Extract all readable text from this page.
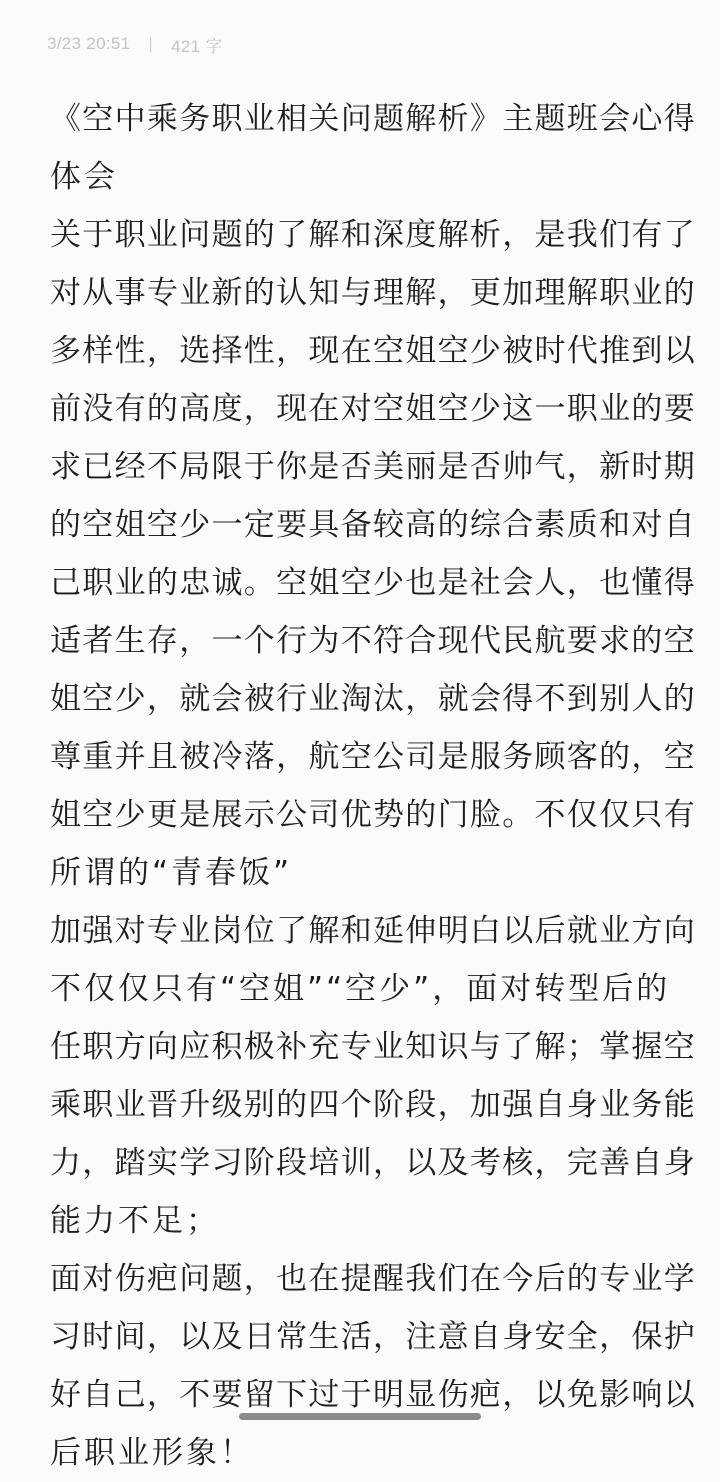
3/23 20:51 | 421 字
《空中乘务职业相关问题解析》主题班会心得
体会
关于职业问题的了解和深度解析，是我们有了
对从事专业新的认知与理解，更加理解职业的
多样性，选择性，现在空姐空少被时代推到以
前没有的高度，现在对空姐空少这一职业的要
求已经不局限于你是否美丽是否帅气，新时期
的空姐空少一定要具备较高的综合素质和对自
己职业的忠诚。空姐空少也是社会人，也懂得
适者生存，一个行为不符合现代民航要求的空
姐空少，就会被行业淘汰，就会得不到别人的
尊重并且被冷落，航空公司是服务顾客的，空
姐空少更是展示公司优势的门脸。不仅仅只有
所谓的“青春饭”
加强对专业岗位了解和延伸明白以后就业方向
不仅仅只有“空姐”“空少”，面对转型后的
任职方向应积极补充专业知识与了解；掌握空
乘职业晋升级别的四个阶段，加强自身业务能
力，踏实学习阶段培训，以及考核，完善自身
能力不足；
面对伤疤问题，也在提醒我们在今后的专业学
习时间，以及日常生活，注意自身安全，保护
好自己，不要留下过于明显伤疤，以免影响以
后职业形象！
